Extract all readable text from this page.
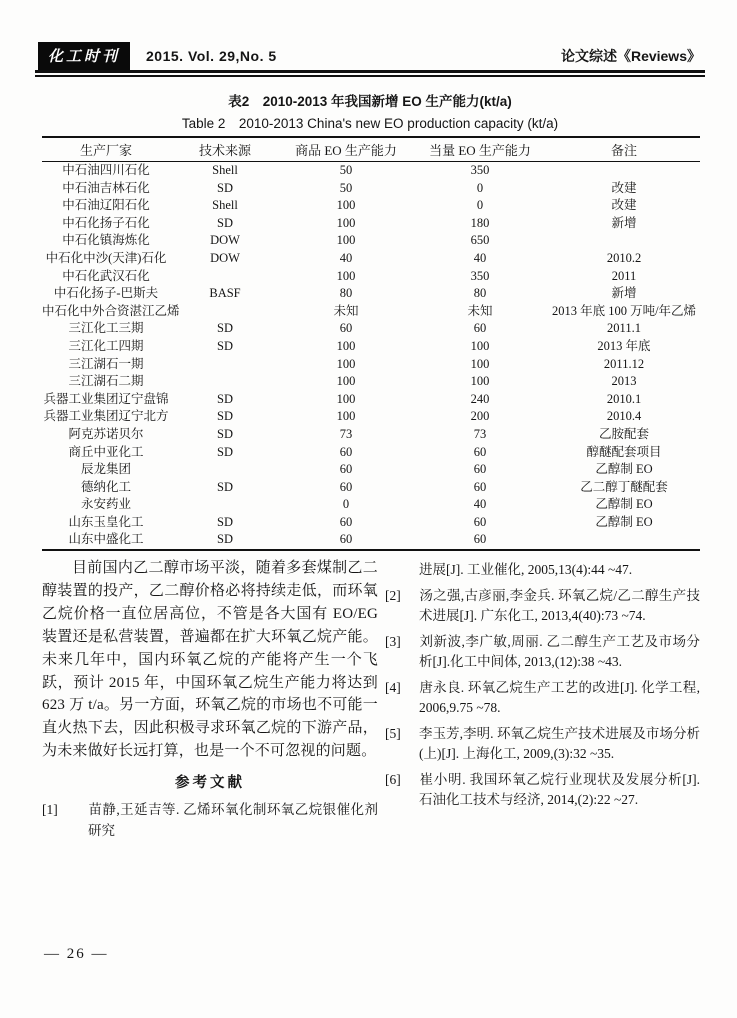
化工时刊	2015. Vol. 29,No. 5	论文综述《Reviews》
表2　2010-2013 年我国新增 EO 生产能力(kt/a)
Table 2　2010-2013 China's new EO production capacity (kt/a)
生产厂家	技术来源	商品 EO 生产能力	当量 EO 生产能力	备注
中石油四川石化	Shell	50	350	
中石油吉林石化	SD	50	0	改建
中石油辽阳石化	Shell	100	0	改建
中石化扬子石化	SD	100	180	新增
中石化镇海炼化	DOW	100	650	
中石化中沙(天津)石化	DOW	40	40	2010.2
中石化武汉石化		100	350	2011
中石化扬子-巴斯夫	BASF	80	80	新增
中石化中外合资湛江乙烯		未知	未知	2013 年底 100 万吨/年乙烯
三江化工三期	SD	60	60	2011.1
三江化工四期	SD	100	100	2013 年底
三江湖石一期		100	100	2011.12
三江湖石二期		100	100	2013
兵器工业集团辽宁盘锦	SD	100	240	2010.1
兵器工业集团辽宁北方	SD	100	200	2010.4
阿克苏诺贝尔	SD	73	73	乙胺配套
商丘中亚化工	SD	60	60	醇醚配套项目
辰龙集团		60	60	乙醇制 EO
德纳化工	SD	60	60	乙二醇丁醚配套
永安药业		0	40	乙醇制 EO
山东玉皇化工	SD	60	60	乙醇制 EO
山东中盛化工	SD	60	60	

目前国内乙二醇市场平淡，随着多套煤制乙二醇装置的投产，乙二醇价格必将持续走低，而环氧乙烷价格一直位居高位，不管是各大国有 EO/EG 装置还是私营装置，普遍都在扩大环氧乙烷产能。未来几年中，国内环氧乙烷的产能将产生一个飞跃，预计 2015 年，中国环氧乙烷生产能力将达到 623 万 t/a。另一方面，环氧乙烷的市场也不可能一直火热下去，因此积极寻求环氧乙烷的下游产品，为未来做好长远打算，也是一个不可忽视的问题。

参考文献
[1] 苗静,王延吉等. 乙烯环氧化制环氧乙烷银催化剂研究
进展[J]. 工业催化, 2005,13(4):44 ~47.
[2] 汤之强,古彦丽,李金兵. 环氧乙烷/乙二醇生产技术进展[J]. 广东化工, 2013,4(40):73 ~74.
[3] 刘新波,李广敏,周丽. 乙二醇生产工艺及市场分析[J].化工中间体, 2013,(12):38 ~43.
[4] 唐永良. 环氧乙烷生产工艺的改进[J]. 化学工程, 2006,9.75 ~78.
[5] 李玉芳,李明. 环氧乙烷生产技术进展及市场分析(上)[J]. 上海化工, 2009,(3):32 ~35.
[6] 崔小明. 我国环氧乙烷行业现状及发展分析[J]. 石油化工技术与经济, 2014,(2):22 ~27.
— 26 —
